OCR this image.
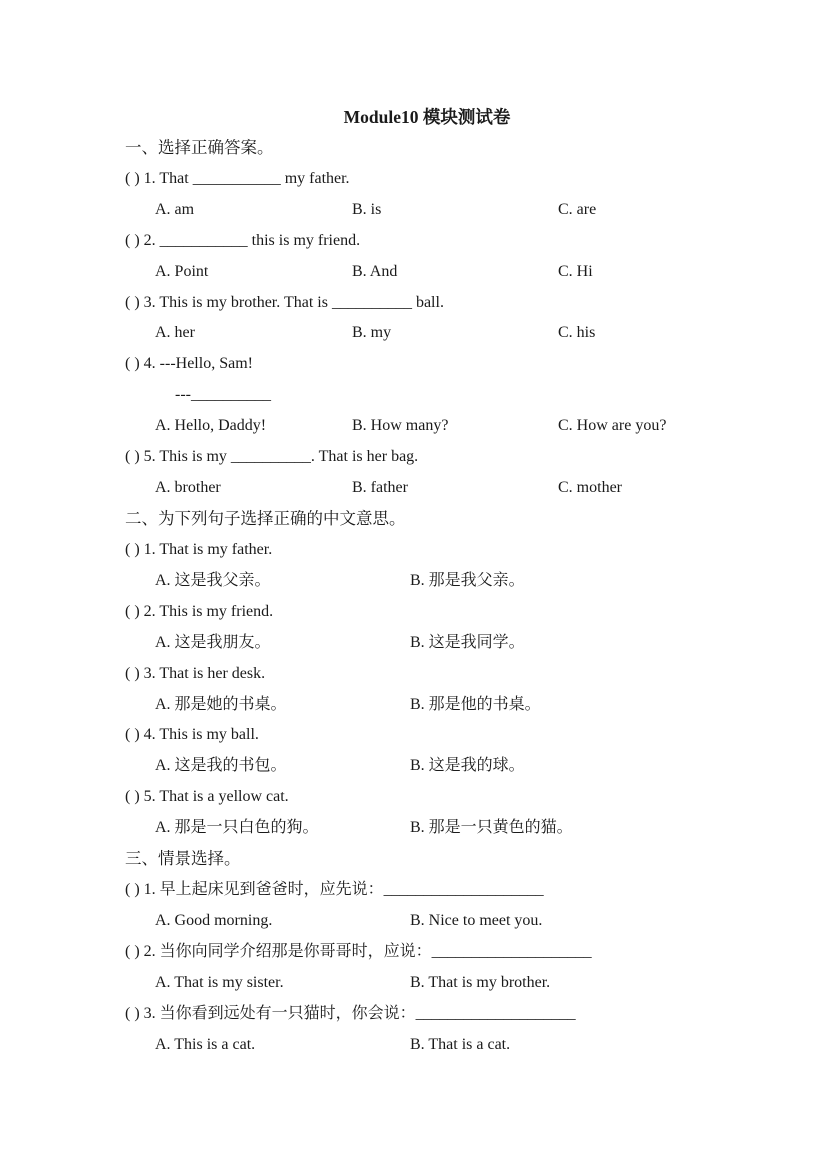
Module10 模块测试卷
一、选择正确答案。
( ) 1. That ___________ my father.

A. am

	B. is

	C. are

( ) 2. ___________ this is my friend.

A. Point

	B. And

	C. Hi

( ) 3. This is my brother. That is __________ ball.

A. her

	B. my

	C. his

( ) 4. ---Hello, Sam!
---__________

A. Hello, Daddy!

	B. How many?

	C. How are you?

( ) 5. This is my __________. That is her bag.

A. brother

	B. father

	C. mother

二、为下列句子选择正确的中文意思。
( ) 1. That is my father.

A. 这是我父亲。

	B. 那是我父亲。

( ) 2. This is my friend.

A. 这是我朋友。

	B. 这是我同学。

( ) 3. That is her desk.

A. 那是她的书桌。

	B. 那是他的书桌。

( ) 4. This is my ball.

A. 这是我的书包。

	B. 这是我的球。

( ) 5. That is a yellow cat.

A. 那是一只白色的狗。

	B. 那是一只黄色的猫。

三、情景选择。
( ) 1. 早上起床见到爸爸时，应先说：____________________

A. Good morning.

	B. Nice to meet you.

( ) 2. 当你向同学介绍那是你哥哥时，应说：____________________

A. That is my sister.

	B. That is my brother.

( ) 3. 当你看到远处有一只猫时，你会说：____________________

A. This is a cat.

	B. That is a cat.
